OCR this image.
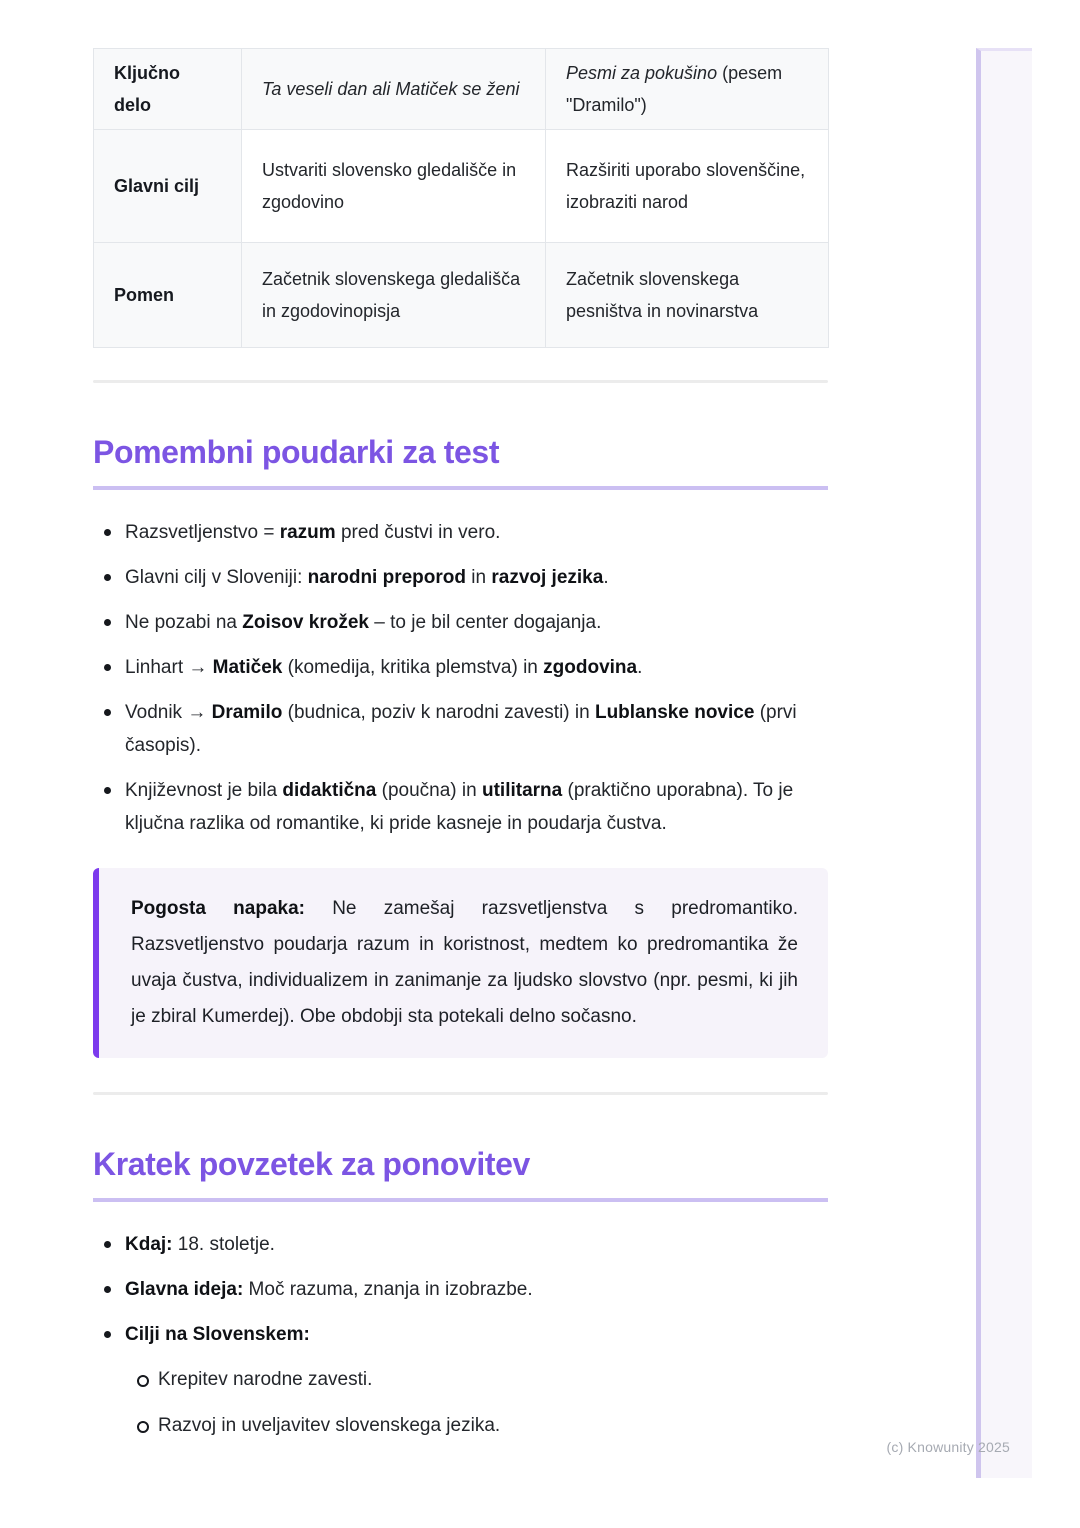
(c) Knowunity 2025
Ključno delo	Ta veseli dan ali Matiček se ženi	Pesmi za pokušino (pesem "Dramilo")
Glavni cilj	Ustvariti slovensko gledališče in zgodovino	Razširiti uporabo slovenščine, izobraziti narod
Pomen	Začetnik slovenskega gledališča in zgodovinopisja	Začetnik slovenskega pesništva in novinarstva
Pomembni poudarki za test
Razsvetljenstvo = razum pred čustvi in vero.
Glavni cilj v Sloveniji: narodni preporod in razvoj jezika.
Ne pozabi na Zoisov krožek – to je bil center dogajanja.
Linhart → Matiček (komedija, kritika plemstva) in zgodovina.
Vodnik → Dramilo (budnica, poziv k narodni zavesti) in Lublanske novice (prvi časopis).
Književnost je bila didaktična (poučna) in utilitarna (praktično uporabna). To je ključna razlika od romantike, ki pride kasneje in poudarja čustva.
Pogosta napaka: Ne zamešaj razsvetljenstva s predromantiko. Razsvetljenstvo poudarja razum in koristnost, medtem ko predromantika že uvaja čustva, individualizem in zanimanje za ljudsko slovstvo (npr. pesmi, ki jih je zbiral Kumerdej). Obe obdobji sta potekali delno sočasno.
Kratek povzetek za ponovitev
Kdaj: 18. stoletje.
Glavna ideja: Moč razuma, znanja in izobrazbe.
Cilji na Slovenskem:
Krepitev narodne zavesti.
Razvoj in uveljavitev slovenskega jezika.
